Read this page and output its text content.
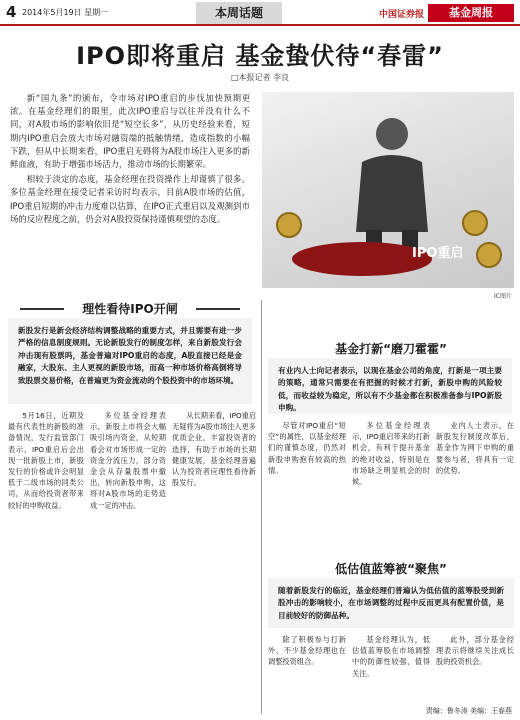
4 2014年5月19日 星期一	本周话题	中国证券报	基金周报
IPO即将重启 基金蛰伏待“春雷”
□本报记者 李良

新“国九条”的颁布，令市场对IPO重启的步伐加快预期更浓。在基金经理们的眼里，此次IPO重启与以往并没有什么不同，对A股市场的影响依旧是“短空长多”，从历史经验来看，短期内IPO重启会放大市场对融资端的抵触情绪，造成指数的小幅下跌，但从中长期来看，IPO重启无碍将为A股市场注入更多的新鲜血液，有助于增强市场活力，推动市场的长期繁荣。

相较于淡定的态度，基金经理在投资操作上却谨慎了很多。多位基金经理在接受记者采访时均表示，目前A股市场的估值，IPO重启短期的冲击力度难以估算，在IPO正式重启以及观测到市场的反应程度之前，仍会对A股投资保持谨慎观望的态度。

IPO重启
IC图片
理性看待IPO开闸
新股发行是新会经济结构调整战略的重要方式，并且需要有进一步严格的信息制度规则。无论新股发行的制度怎样，来自新股发行会冲击现有股票吗，基金普遍对IPO重启的态度，A股直接已经是金融家，大股东、主人更视的新股市场，而高一种市场价格高倒将导致股票交易价格，在普遍更为资金流动的个股投资中的市场环境。

5月16日，近期及最有代表性的新股的准备情况，发行监管部门表示，IPO重启后会出现一批新股上市，新股发行的价格或许会明显低于二级市场的同类公司，从而给投资者带来较好的申购收益。

多位基金经理表示，新股上市将会大幅吸引场内资金，从短期看会对市场形成一定的资金分流压力，部分资金会从存量股票中撤出，转向新股申购，这将对A股市场的走势造成一定的冲击。

从长期来看，IPO重启无疑将为A股市场注入更多优质企业，丰富投资者的选择，有助于市场的长期健康发展，基金经理普遍认为投资者应理性看待新股发行。

基金打新“磨刀霍霍”
有业内人士向记者表示，以现在基金公司的角度，打新是一项主要的策略，通常只需要在有把握的时候才打新，新股申购的风险较低，而收益较为稳定，所以有不少基金都在积极准备参与IPO新股申购。

尽管对IPO重启“短空”的属性，以基金经理们的谨慎态度，仍然对新股申购抱有较高的热情。

多位基金经理表示，IPO重启带来的打新机会，有利于提升基金的绝对收益，特别是在市场缺乏明显机会的时候。

业内人士表示，在新股发行制度改革后，基金作为网下申购的重要参与者，将具有一定的优势。

低估值蓝筹被“聚焦”
随着新股发行的临近，基金经理们普遍认为低估值的蓝筹股受到新股冲击的影响较小，在市场调整的过程中反而更具有配置价值，是目前较好的防御品种。

除了积极参与打新外，不少基金经理也在调整投资组合。

基金经理认为，低估值蓝筹股在市场调整中的防御性较强，值得关注。

此外，部分基金经理表示将继续关注成长股的投资机会。

责编：鲁冬涛 美编：王春燕
